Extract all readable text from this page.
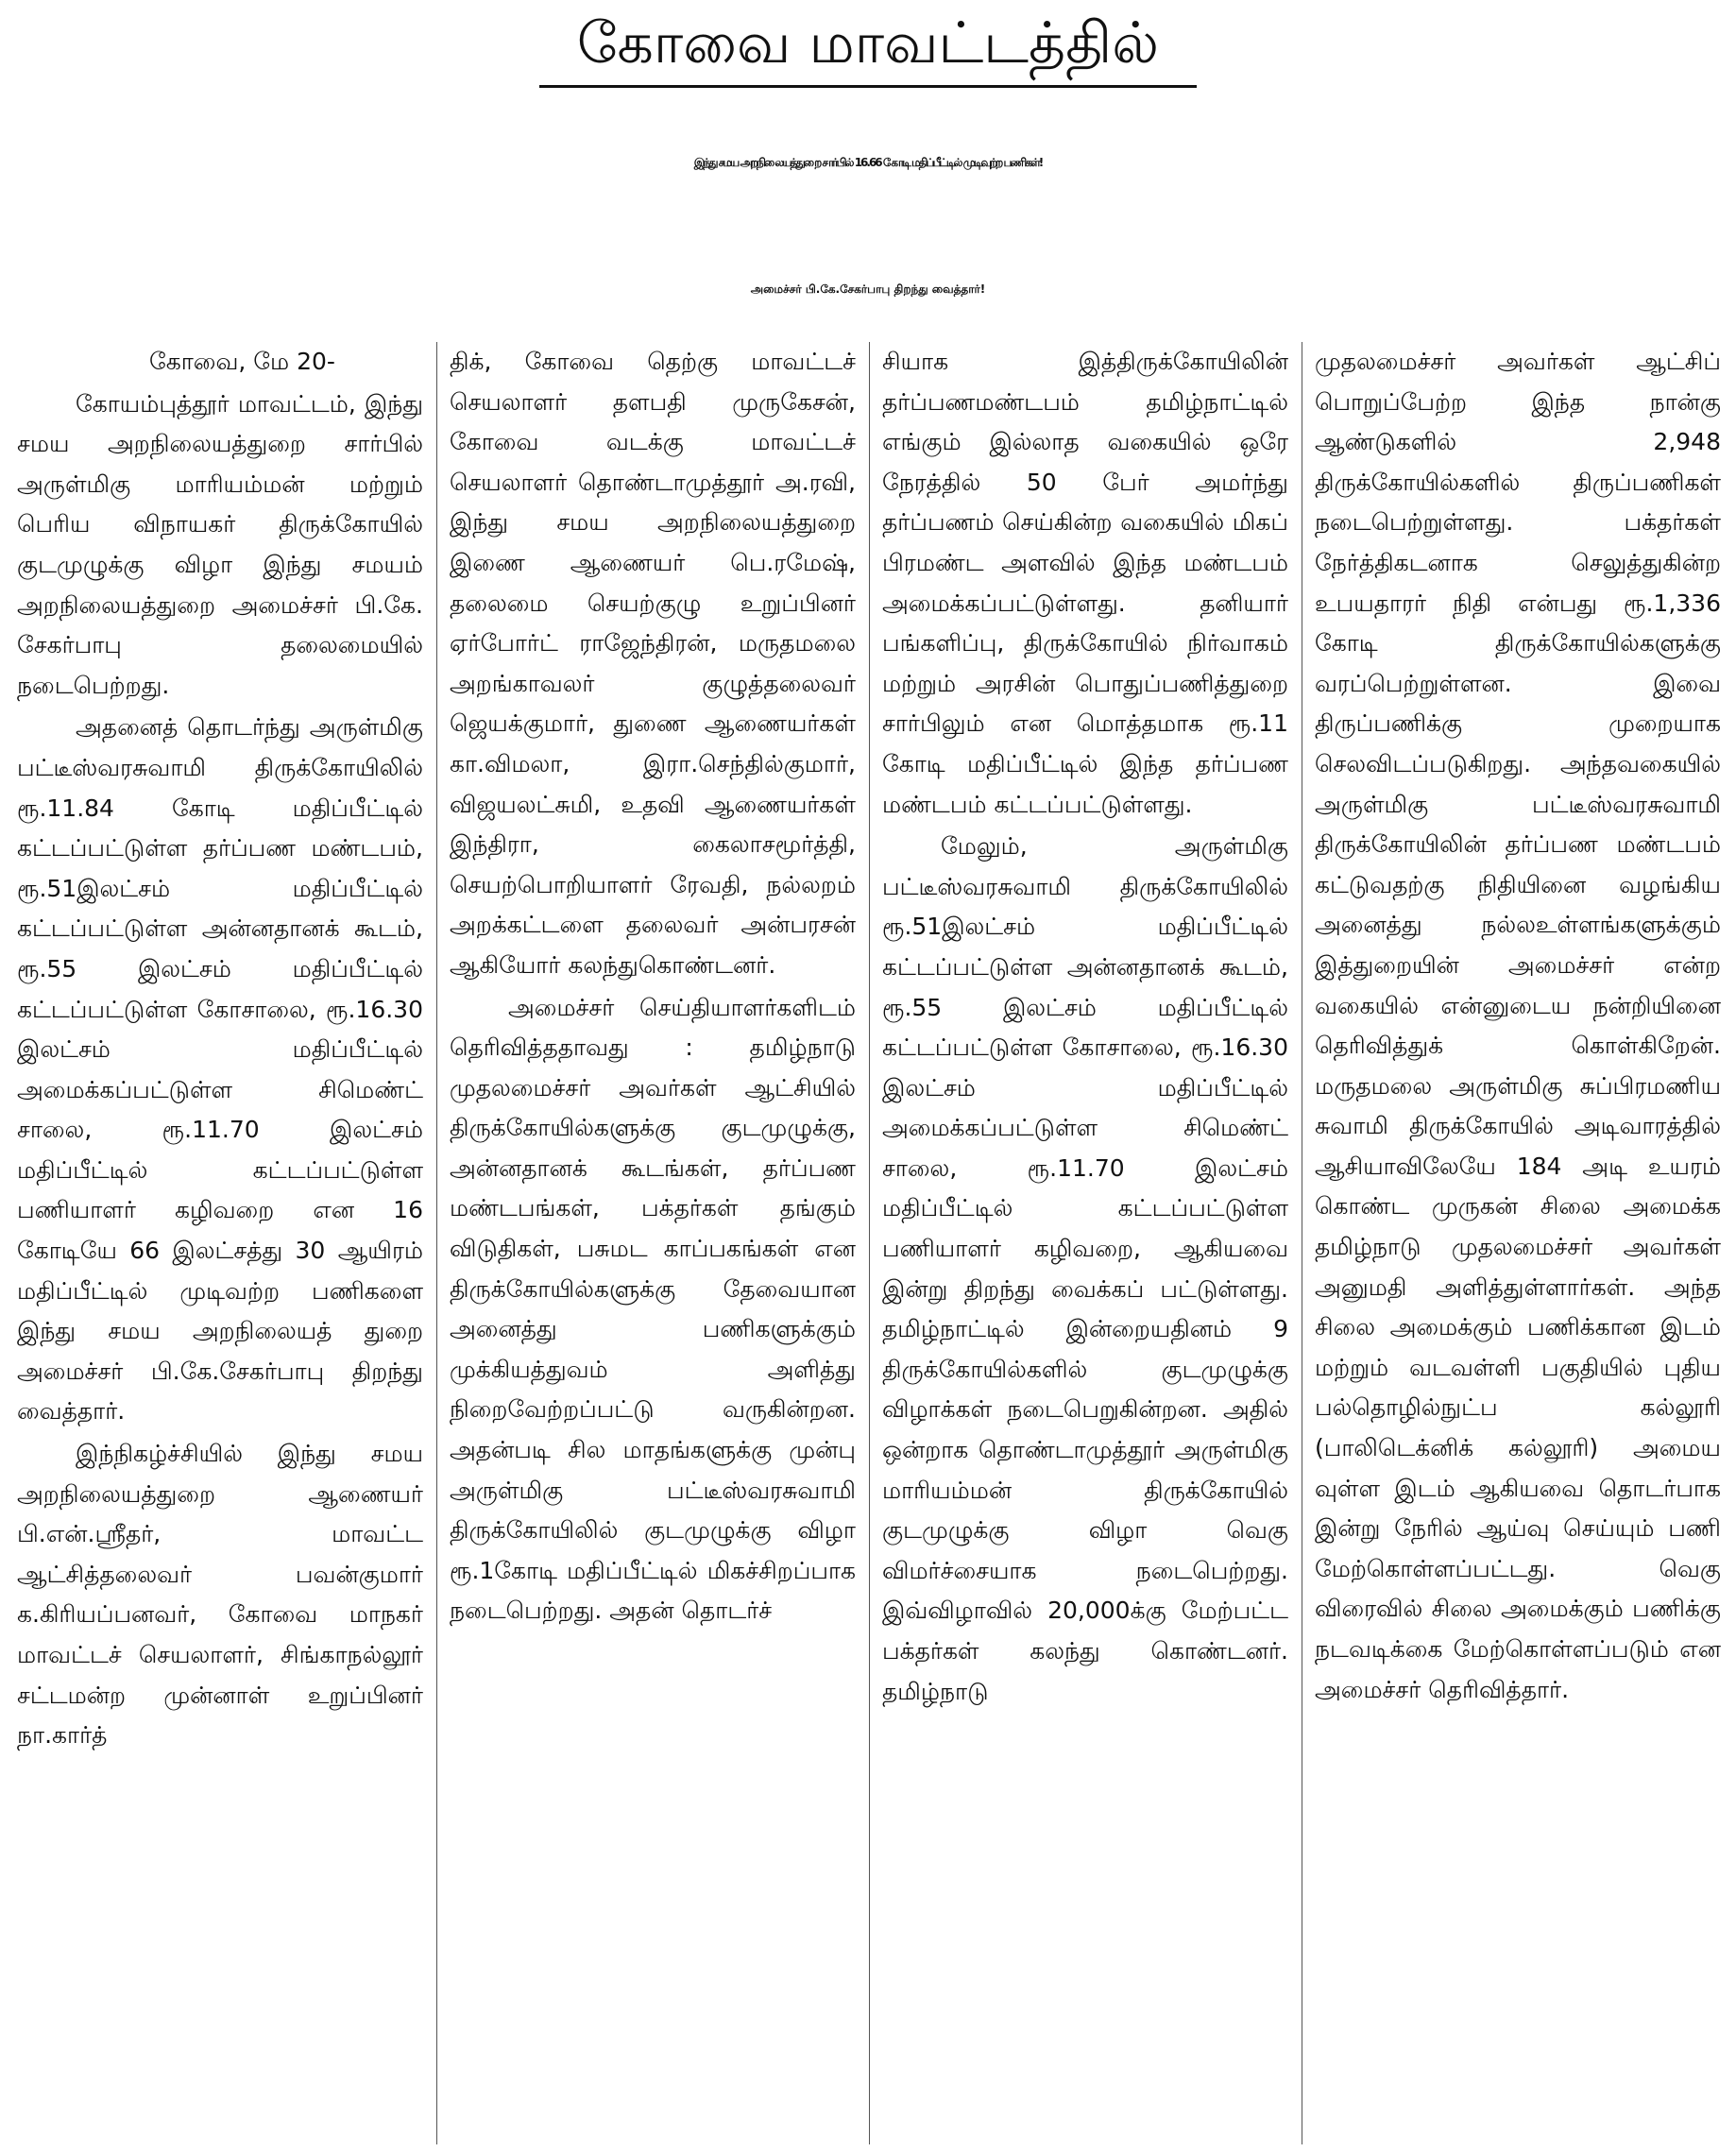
கோவை மாவட்டத்தில்
இந்து சமய அறநிலையத்துறை சார்பில் 16.66 கோடி மதிப்பீட்டில் முடிவுற்ற பணிகள்!
அமைச்சர் பி.கே.சேகர்பாபு திறந்து வைத்தார்!

கோவை, மே 20-

கோயம்புத்தூர் மாவட்டம், இந்து சமய அறநிலையத்துறை சார்பில் அருள்மிகு மாரியம்மன் மற்றும் பெரிய விநாயகர் திருக்கோயில் குடமுழுக்கு விழா இந்து சமயம் அறநிலையத்துறை அமைச்சர் பி.கே. சேகர்பாபு தலைமையில் நடைபெற்றது.

அதனைத் தொடர்ந்து அருள்மிகு பட்டீஸ்வரசுவாமி திருக்கோயிலில் ரூ.11.84 கோடி மதிப்பீட்டில் கட்டப்பட்டுள்ள தர்ப்பண மண்டபம், ரூ.51இலட்சம் மதிப்பீட்டில் கட்டப்பட்டுள்ள அன்னதானக் கூடம், ரூ.55 இலட்சம் மதிப்பீட்டில் கட்டப்பட்டுள்ள கோசாலை, ரூ.16.30 இலட்சம் மதிப்பீட்டில் அமைக்கப்பட்டுள்ள சிமெண்ட் சாலை, ரூ.11.70 இலட்சம் மதிப்பீட்டில் கட்டப்பட்டுள்ள பணியாளர் கழிவறை என 16 கோடியே 66 இலட்சத்து 30 ஆயிரம் மதிப்பீட்டில் முடிவற்ற பணிகளை இந்து சமய அறநிலையத் துறை அமைச்சர் பி.கே.சேகர்பாபு திறந்து வைத்தார்.

இந்நிகழ்ச்சியில் இந்து சமய அறநிலையத்துறை ஆணையர் பி.என்.ஸ்ரீதர், மாவட்ட ஆட்சித்தலைவர் பவன்குமார் க.கிரியப்பனவர், கோவை மாநகர் மாவட்டச் செயலாளர், சிங்காநல்லூர் சட்டமன்ற முன்னாள் உறுப்பினர் நா.கார்த்

திக், கோவை தெற்கு மாவட்டச் செயலாளர் தளபதி முருகேசன், கோவை வடக்கு மாவட்டச் செயலாளர் தொண்டாமுத்தூர் அ.ரவி, இந்து சமய அறநிலையத்துறை இணை ஆணையர் பெ.ரமேஷ், தலைமை செயற்குழு உறுப்பினர் ஏர்போர்ட் ராஜேந்திரன், மருதமலை அறங்காவலர் குழுத்தலைவர் ஜெயக்குமார், துணை ஆணையர்கள் கா.விமலா, இரா.செந்தில்குமார், விஜயலட்சுமி, உதவி ஆணையர்கள் இந்திரா, கைலாசமூர்த்தி, செயற்பொறியாளர் ரேவதி, நல்லறம் அறக்கட்டளை தலைவர் அன்பரசன் ஆகியோர் கலந்துகொண்டனர்.

அமைச்சர் செய்தியாளர்களிடம் தெரிவித்ததாவது : தமிழ்நாடு முதலமைச்சர் அவர்கள் ஆட்சியில் திருக்கோயில்களுக்கு குடமுழுக்கு, அன்னதானக் கூடங்கள், தர்ப்பண மண்டபங்கள், பக்தர்கள் தங்கும் விடுதிகள், பசுமட காப்பகங்கள் என திருக்கோயில்களுக்கு தேவையான அனைத்து பணிகளுக்கும் முக்கியத்துவம் அளித்து நிறைவேற்றப்பட்டு வருகின்றன. அதன்படி சில மாதங்களுக்கு முன்பு அருள்மிகு பட்டீஸ்வரசுவாமி திருக்கோயிலில் குடமுழுக்கு விழா ரூ.1கோடி மதிப்பீட்டில் மிகச்சிறப்பாக நடைபெற்றது. அதன் தொடர்ச்

சியாக இத்திருக்கோயிலின் தர்ப்பணமண்டபம் தமிழ்நாட்டில் எங்கும் இல்லாத வகையில் ஒரே நேரத்தில் 50 பேர் அமர்ந்து தர்ப்பணம் செய்கின்ற வகையில் மிகப் பிரமண்ட அளவில் இந்த மண்டபம் அமைக்கப்பட்டுள்ளது. தனியார் பங்களிப்பு, திருக்கோயில் நிர்வாகம் மற்றும் அரசின் பொதுப்பணித்துறை சார்பிலும் என மொத்தமாக ரூ.11 கோடி மதிப்பீட்டில் இந்த தர்ப்பண மண்டபம் கட்டப்பட்டுள்ளது.

மேலும், அருள்மிகு பட்டீஸ்வரசுவாமி திருக்கோயிலில் ரூ.51இலட்சம் மதிப்பீட்டில் கட்டப்பட்டுள்ள அன்னதானக் கூடம், ரூ.55 இலட்சம் மதிப்பீட்டில் கட்டப்பட்டுள்ள கோசாலை, ரூ.16.30 இலட்சம் மதிப்பீட்டில் அமைக்கப்பட்டுள்ள சிமெண்ட் சாலை, ரூ.11.70 இலட்சம் மதிப்பீட்டில் கட்டப்பட்டுள்ள பணியாளர் கழிவறை, ஆகியவை இன்று திறந்து வைக்கப் பட்டுள்ளது. தமிழ்நாட்டில் இன்றையதினம் 9 திருக்கோயில்களில் குடமுழுக்கு விழாக்கள் நடைபெறுகின்றன. அதில் ஒன்றாக தொண்டாமுத்தூர் அருள்மிகு மாரியம்மன் திருக்கோயில் குடமுழுக்கு விழா வெகு விமர்ச்சையாக நடைபெற்றது. இவ்விழாவில் 20,000க்கு மேற்பட்ட பக்தர்கள் கலந்து கொண்டனர். தமிழ்நாடு

முதலமைச்சர் அவர்கள் ஆட்சிப் பொறுப்பேற்ற இந்த நான்கு ஆண்டுகளில் 2,948 திருக்கோயில்களில் திருப்பணிகள் நடைபெற்றுள்ளது. பக்தர்கள் நேர்த்திகடனாக செலுத்துகின்ற உபயதாரர் நிதி என்பது ரூ.1,336 கோடி திருக்கோயில்களுக்கு வரப்பெற்றுள்ளன. இவை திருப்பணிக்கு முறையாக செலவிடப்படுகிறது. அந்தவகையில் அருள்மிகு பட்டீஸ்வரசுவாமி திருக்கோயிலின் தர்ப்பண மண்டபம் கட்டுவதற்கு நிதியினை வழங்கிய அனைத்து நல்லஉள்ளங்களுக்கும் இத்துறையின் அமைச்சர் என்ற வகையில் என்னுடைய நன்றியினை தெரிவித்துக் கொள்கிறேன். மருதமலை அருள்மிகு சுப்பிரமணிய சுவாமி திருக்கோயில் அடிவாரத்தில் ஆசியாவிலேயே 184 அடி உயரம் கொண்ட முருகன் சிலை அமைக்க தமிழ்நாடு முதலமைச்சர் அவர்கள் அனுமதி அளித்துள்ளார்கள். அந்த சிலை அமைக்கும் பணிக்கான இடம் மற்றும் வடவள்ளி பகுதியில் புதிய பல்தொழில்நுட்ப கல்லூரி (பாலிடெக்னிக் கல்லூரி) அமைய வுள்ள இடம் ஆகியவை தொடர்பாக இன்று நேரில் ஆய்வு செய்யும் பணி மேற்கொள்ளப்பட்டது. வெகு விரைவில் சிலை அமைக்கும் பணிக்கு நடவடிக்கை மேற்கொள்ளப்படும் என அமைச்சர் தெரிவித்தார்.
